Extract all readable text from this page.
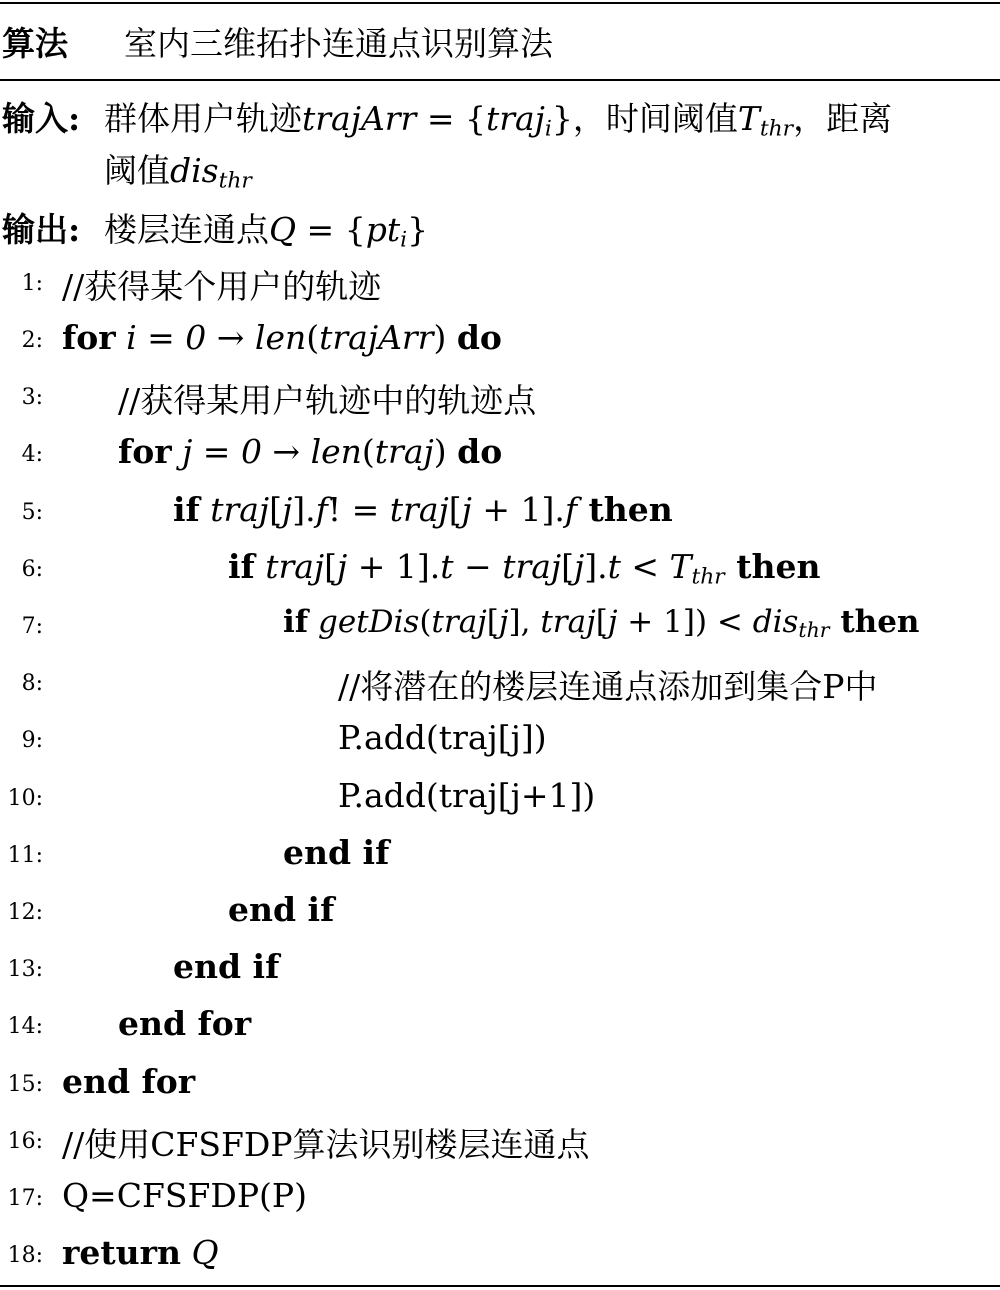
算法 室内三维拓扑连通点识别算法
输入: 群体用户轨迹trajArr = {traj$_i$}，时间阈值$T_{thr}$，距离
阈值dis$_{thr}$
输出: 楼层连通点$Q = \{pt_i\}$
1: //获得某个用户的轨迹
2: for i = 0 → len(trajArr) do
3: //获得某用户轨迹中的轨迹点
4: for j = 0 → len(traj) do
5:	if traj[j].f! = traj[j + 1].f then
6:	if traj[j + 1].t − traj[j].t < $T_{thr}$ then
7:	if getDis(traj[j], traj[j + 1]) < dis$_{thr}$ then
8:	//将潜在的楼层连通点添加到集合P中
9:	P.add(traj[j])
10:	P.add(traj[j+1])
11:	end if
12:	end if
13:	end if
14: end for
15: end for
16: //使用CFSFDP算法识别楼层连通点
17: Q=CFSFDP(P)
18: return Q
